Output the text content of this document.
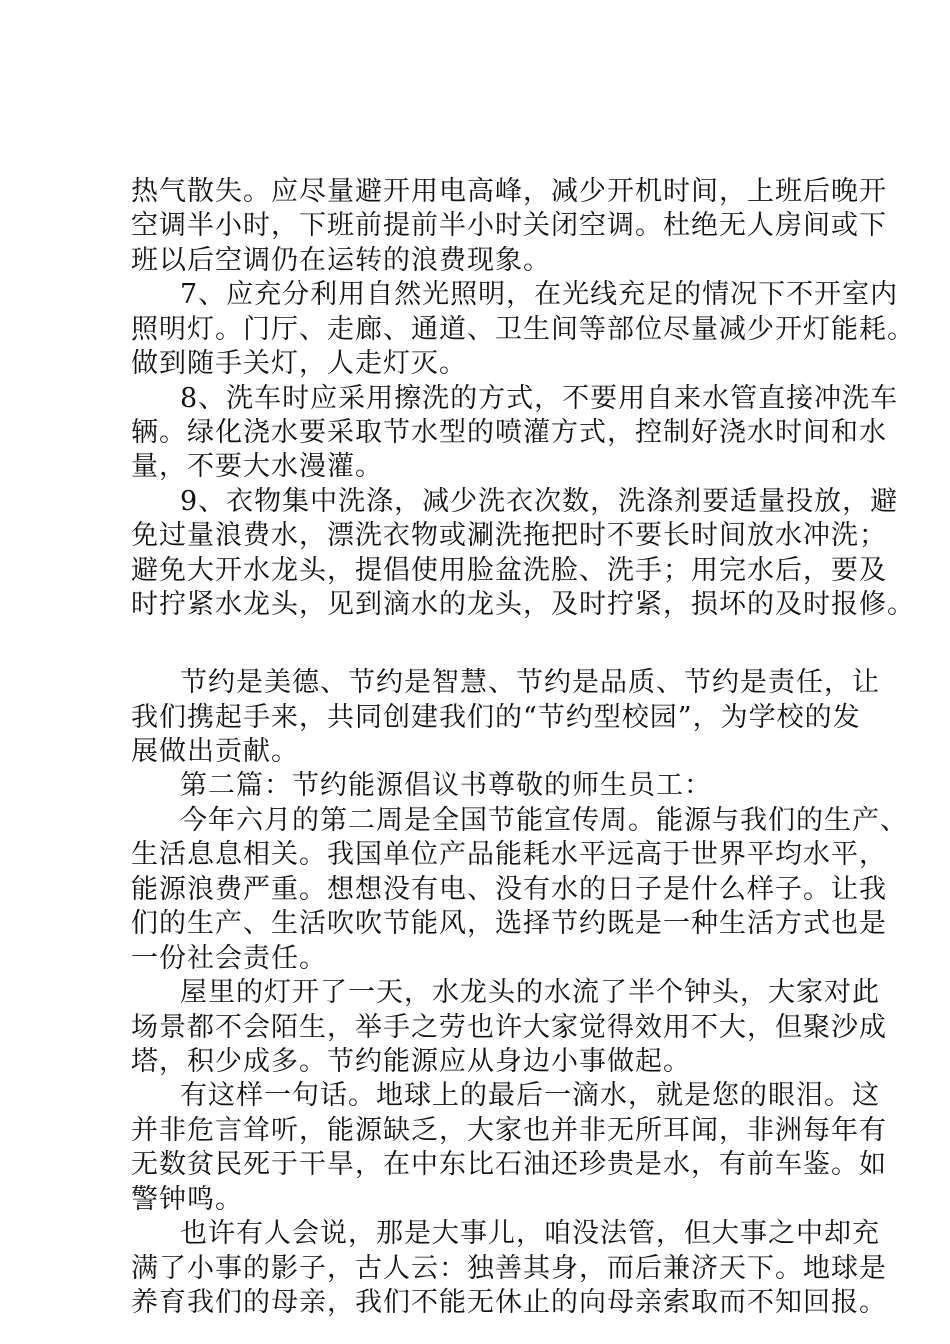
热气散失。应尽量避开用电高峰，减少开机时间，上班后晚开
空调半小时，下班前提前半小时关闭空调。杜绝无人房间或下
班以后空调仍在运转的浪费现象。
7、应充分利用自然光照明，在光线充足的情况下不开室内
照明灯。门厅、走廊、通道、卫生间等部位尽量减少开灯能耗。
做到随手关灯，人走灯灭。
8、洗车时应采用擦洗的方式，不要用自来水管直接冲洗车
辆。绿化浇水要采取节水型的喷灌方式，控制好浇水时间和水
量，不要大水漫灌。
9、衣物集中洗涤，减少洗衣次数，洗涤剂要适量投放，避
免过量浪费水，漂洗衣物或涮洗拖把时不要长时间放水冲洗；
避免大开水龙头，提倡使用脸盆洗脸、洗手；用完水后，要及
时拧紧水龙头，见到滴水的龙头，及时拧紧，损坏的及时报修。
节约是美德、节约是智慧、节约是品质、节约是责任，让
我们携起手来，共同创建我们的“节约型校园”，为学校的发
展做出贡献。
第二篇：节约能源倡议书尊敬的师生员工：
今年六月的第二周是全国节能宣传周。能源与我们的生产、
生活息息相关。我国单位产品能耗水平远高于世界平均水平，
能源浪费严重。想想没有电、没有水的日子是什么样子。让我
们的生产、生活吹吹节能风，选择节约既是一种生活方式也是
一份社会责任。
屋里的灯开了一天，水龙头的水流了半个钟头，大家对此
场景都不会陌生，举手之劳也许大家觉得效用不大，但聚沙成
塔，积少成多。节约能源应从身边小事做起。
有这样一句话。地球上的最后一滴水，就是您的眼泪。这
并非危言耸听，能源缺乏，大家也并非无所耳闻，非洲每年有
无数贫民死于干旱，在中东比石油还珍贵是水，有前车鉴。如
警钟鸣。
也许有人会说，那是大事儿，咱没法管，但大事之中却充
满了小事的影子，古人云：独善其身，而后兼济天下。地球是
养育我们的母亲，我们不能无休止的向母亲索取而不知回报。
